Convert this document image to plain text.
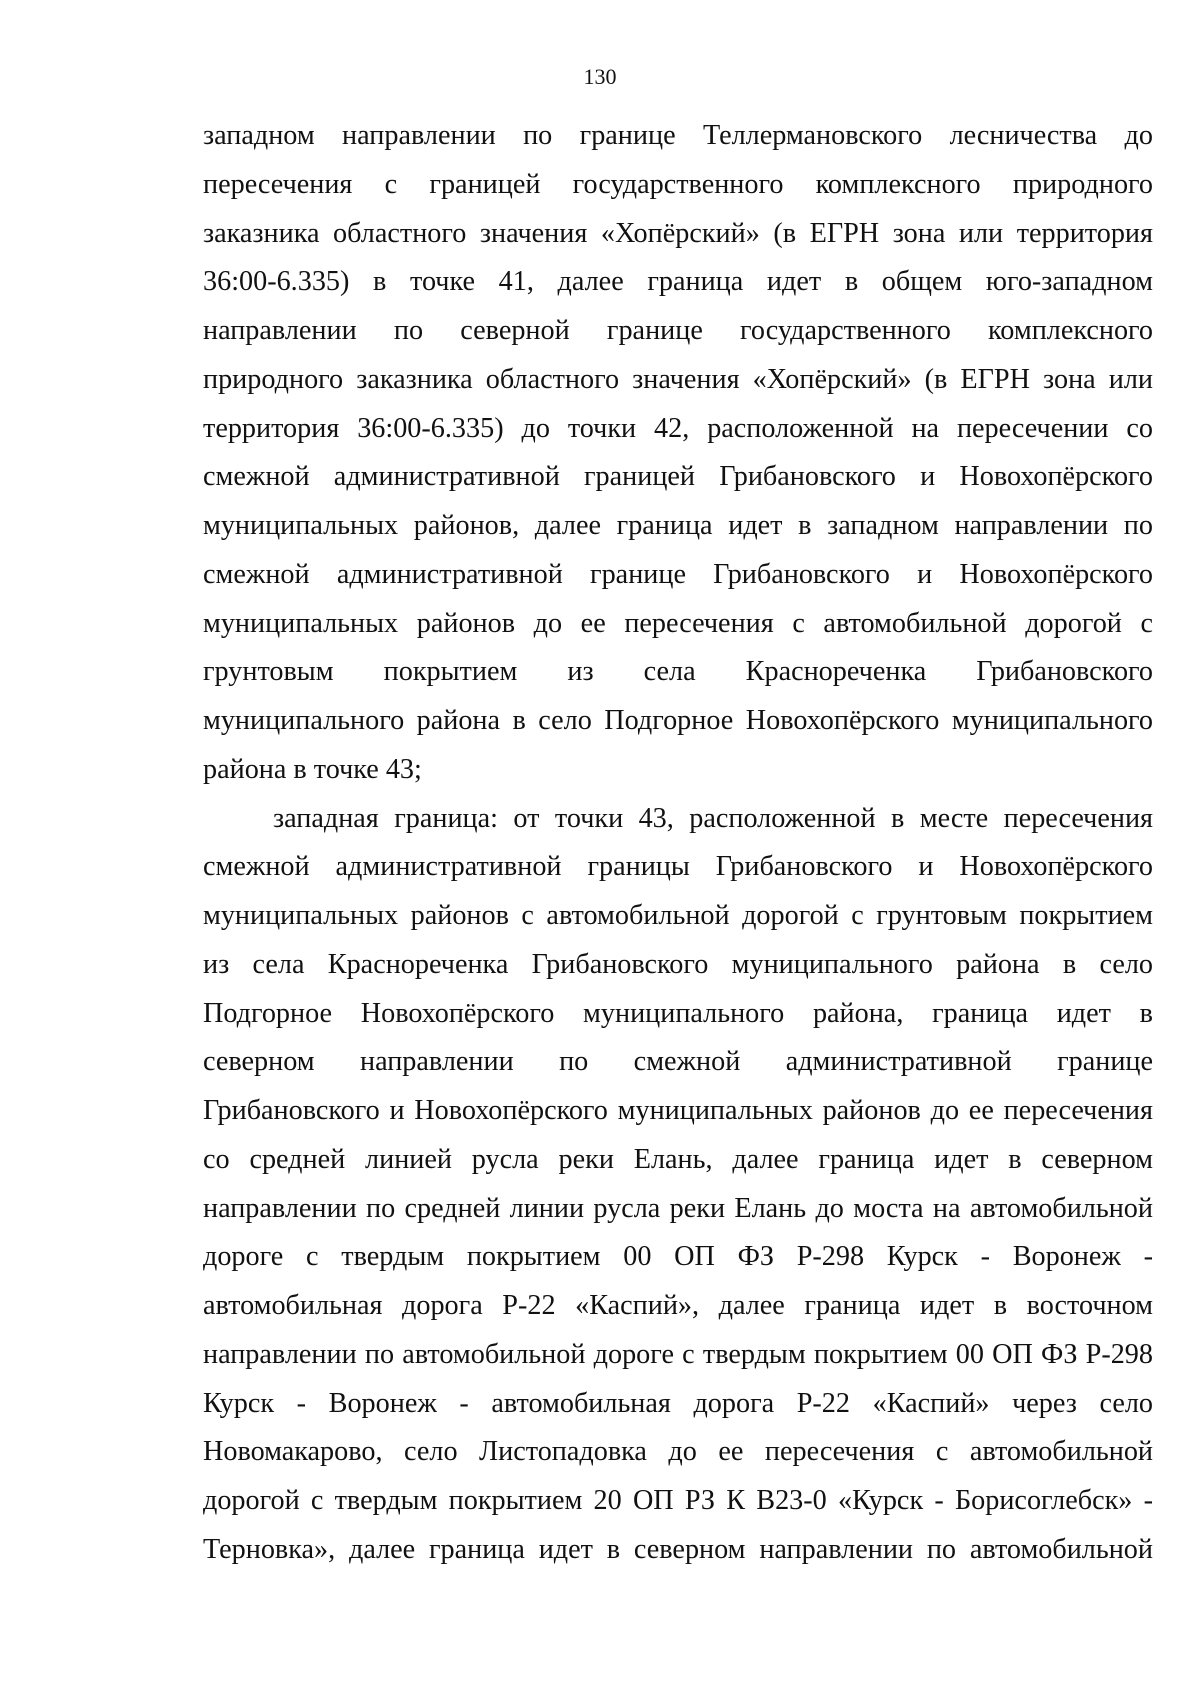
130
западном направлении по границе Теллермановского лесничества до
пересечения с границей государственного комплексного природного
заказника областного значения «Хопёрский» (в ЕГРН зона или территория
36:00-6.335) в точке 41, далее граница идет в общем юго-западном
направлении по северной границе государственного комплексного
природного заказника областного значения «Хопёрский» (в ЕГРН зона или
территория 36:00-6.335) до точки 42, расположенной на пересечении со
смежной административной границей Грибановского и Новохопёрского
муниципальных районов, далее граница идет в западном направлении по
смежной административной границе Грибановского и Новохопёрского
муниципальных районов до ее пересечения с автомобильной дорогой с
грунтовым покрытием из села Краснореченка Грибановского
муниципального района в село Подгорное Новохопёрского муниципального
района в точке 43;
западная граница: от точки 43, расположенной в месте пересечения
смежной административной границы Грибановского и Новохопёрского
муниципальных районов с автомобильной дорогой с грунтовым покрытием
из села Краснореченка Грибановского муниципального района в село
Подгорное Новохопёрского муниципального района, граница идет в
северном направлении по смежной административной границе
Грибановского и Новохопёрского муниципальных районов до ее пересечения
со средней линией русла реки Елань, далее граница идет в северном
направлении по средней линии русла реки Елань до моста на автомобильной
дороге с твердым покрытием 00 ОП ФЗ Р-298 Курск - Воронеж -
автомобильная дорога Р-22 «Каспий», далее граница идет в восточном
направлении по автомобильной дороге с твердым покрытием 00 ОП ФЗ Р-298
Курск - Воронеж - автомобильная дорога Р-22 «Каспий» через село
Новомакарово, село Листопадовка до ее пересечения с автомобильной
дорогой с твердым покрытием 20 ОП РЗ К В23-0 «Курск - Борисоглебск» -
Терновка», далее граница идет в северном направлении по автомобильной
